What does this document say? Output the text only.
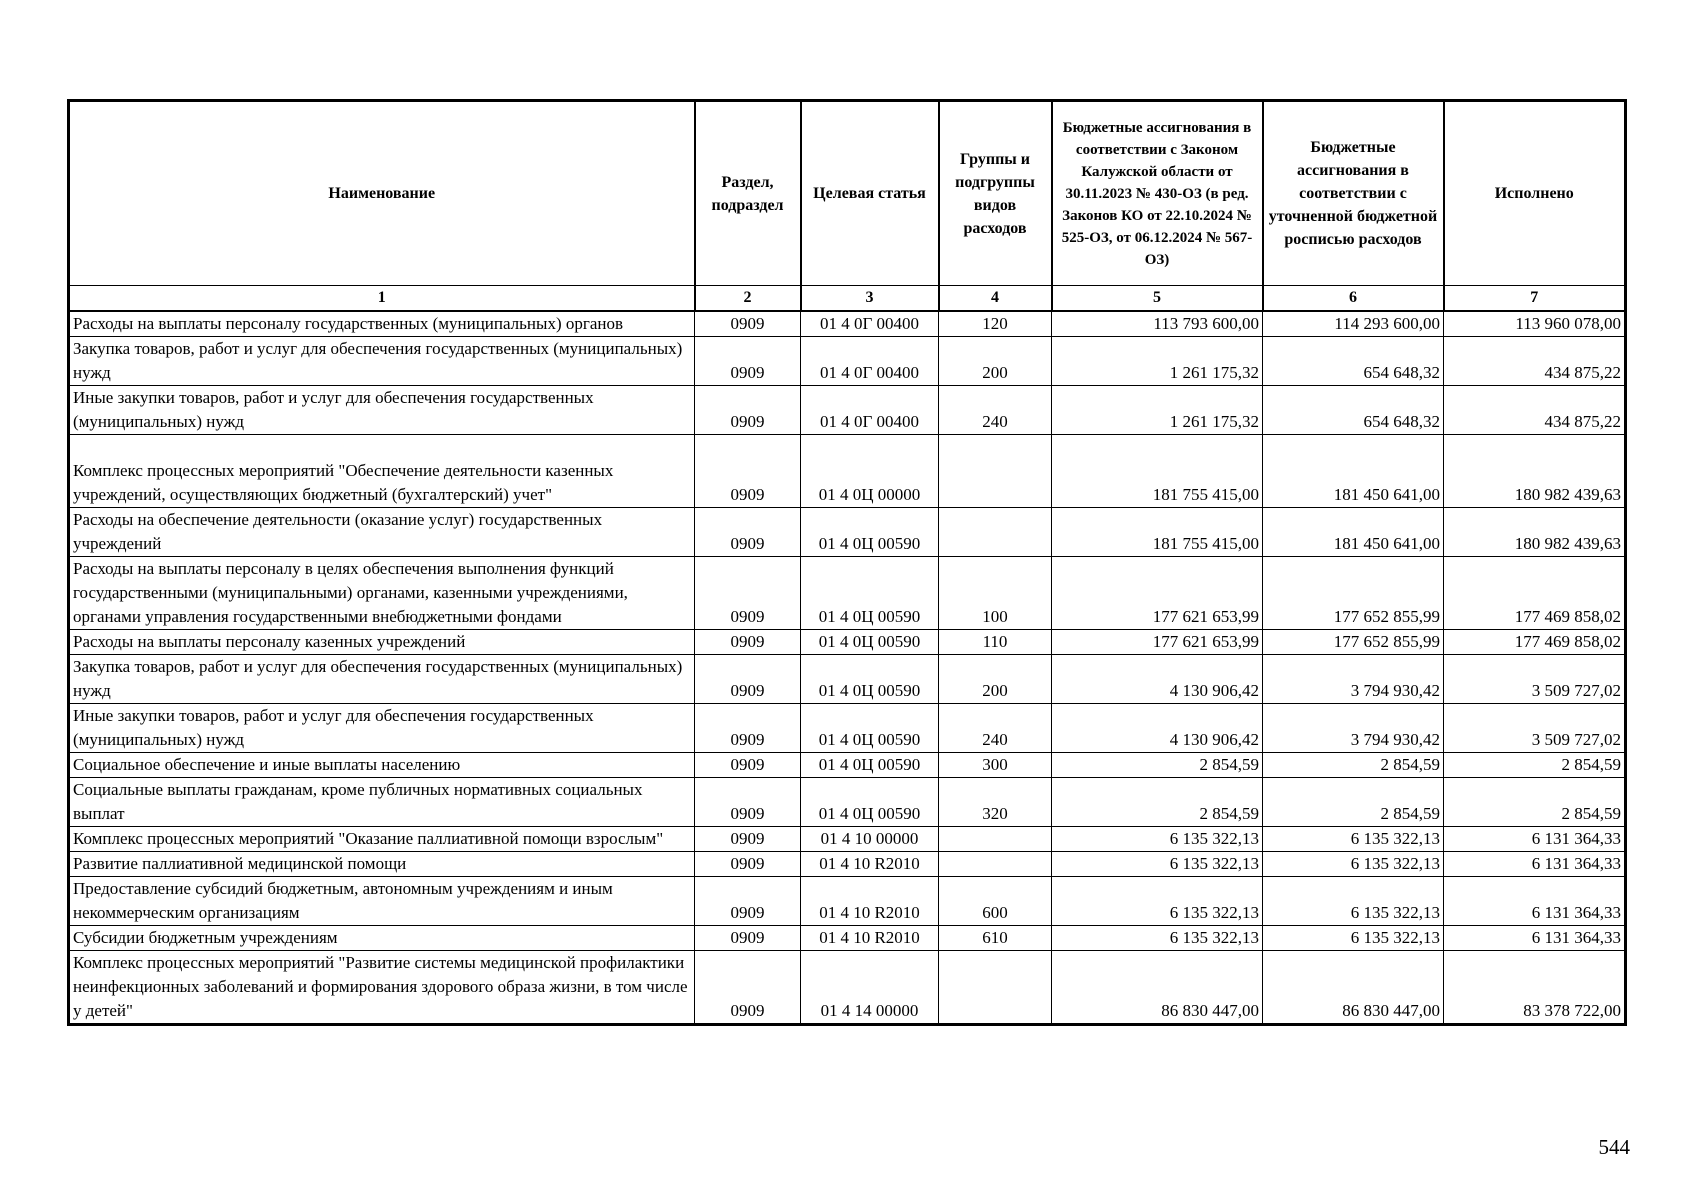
Наименование	Раздел, подраздел	Целевая статья	Группы и подгруппы видов расходов	Бюджетные ассигнования в соответствии с Законом Калужской области от 30.11.2023 № 430-ОЗ (в ред. Законов КО от 22.10.2024 № 525-ОЗ, от 06.12.2024 № 567-ОЗ)	Бюджетные ассигнования в соответствии с уточненной бюджетной росписью расходов	Исполнено
1	2	3	4	5	6	7
Расходы на выплаты персоналу государственных (муниципальных) органов	0909	01 4 0Г 00400	120	113 793 600,00	114 293 600,00	113 960 078,00
Закупка товаров, работ и услуг для обеспечения государственных (муниципальных) нужд	0909	01 4 0Г 00400	200	1 261 175,32	654 648,32	434 875,22
Иные закупки товаров, работ и услуг для обеспечения государственных (муниципальных) нужд	0909	01 4 0Г 00400	240	1 261 175,32	654 648,32	434 875,22
Комплекс процессных мероприятий "Обеспечение деятельности казенных учреждений, осуществляющих бюджетный (бухгалтерский) учет"	0909	01 4 0Ц 00000		181 755 415,00	181 450 641,00	180 982 439,63
Расходы на обеспечение деятельности (оказание услуг) государственных учреждений	0909	01 4 0Ц 00590		181 755 415,00	181 450 641,00	180 982 439,63
Расходы на выплаты персоналу в целях обеспечения выполнения функций государственными (муниципальными) органами, казенными учреждениями, органами управления государственными внебюджетными фондами	0909	01 4 0Ц 00590	100	177 621 653,99	177 652 855,99	177 469 858,02
Расходы на выплаты персоналу казенных учреждений	0909	01 4 0Ц 00590	110	177 621 653,99	177 652 855,99	177 469 858,02
Закупка товаров, работ и услуг для обеспечения государственных (муниципальных) нужд	0909	01 4 0Ц 00590	200	4 130 906,42	3 794 930,42	3 509 727,02
Иные закупки товаров, работ и услуг для обеспечения государственных (муниципальных) нужд	0909	01 4 0Ц 00590	240	4 130 906,42	3 794 930,42	3 509 727,02
Социальное обеспечение и иные выплаты населению	0909	01 4 0Ц 00590	300	2 854,59	2 854,59	2 854,59
Социальные выплаты гражданам, кроме публичных нормативных социальных выплат	0909	01 4 0Ц 00590	320	2 854,59	2 854,59	2 854,59
Комплекс процессных мероприятий "Оказание паллиативной помощи взрослым"	0909	01 4 10 00000		6 135 322,13	6 135 322,13	6 131 364,33
Развитие паллиативной медицинской помощи	0909	01 4 10 R2010		6 135 322,13	6 135 322,13	6 131 364,33
Предоставление субсидий бюджетным, автономным учреждениям и иным некоммерческим организациям	0909	01 4 10 R2010	600	6 135 322,13	6 135 322,13	6 131 364,33
Субсидии бюджетным учреждениям	0909	01 4 10 R2010	610	6 135 322,13	6 135 322,13	6 131 364,33
Комплекс процессных мероприятий "Развитие системы медицинской профилактики неинфекционных заболеваний и формирования здорового образа жизни, в том числе у детей"	0909	01 4 14 00000		86 830 447,00	86 830 447,00	83 378 722,00
544
